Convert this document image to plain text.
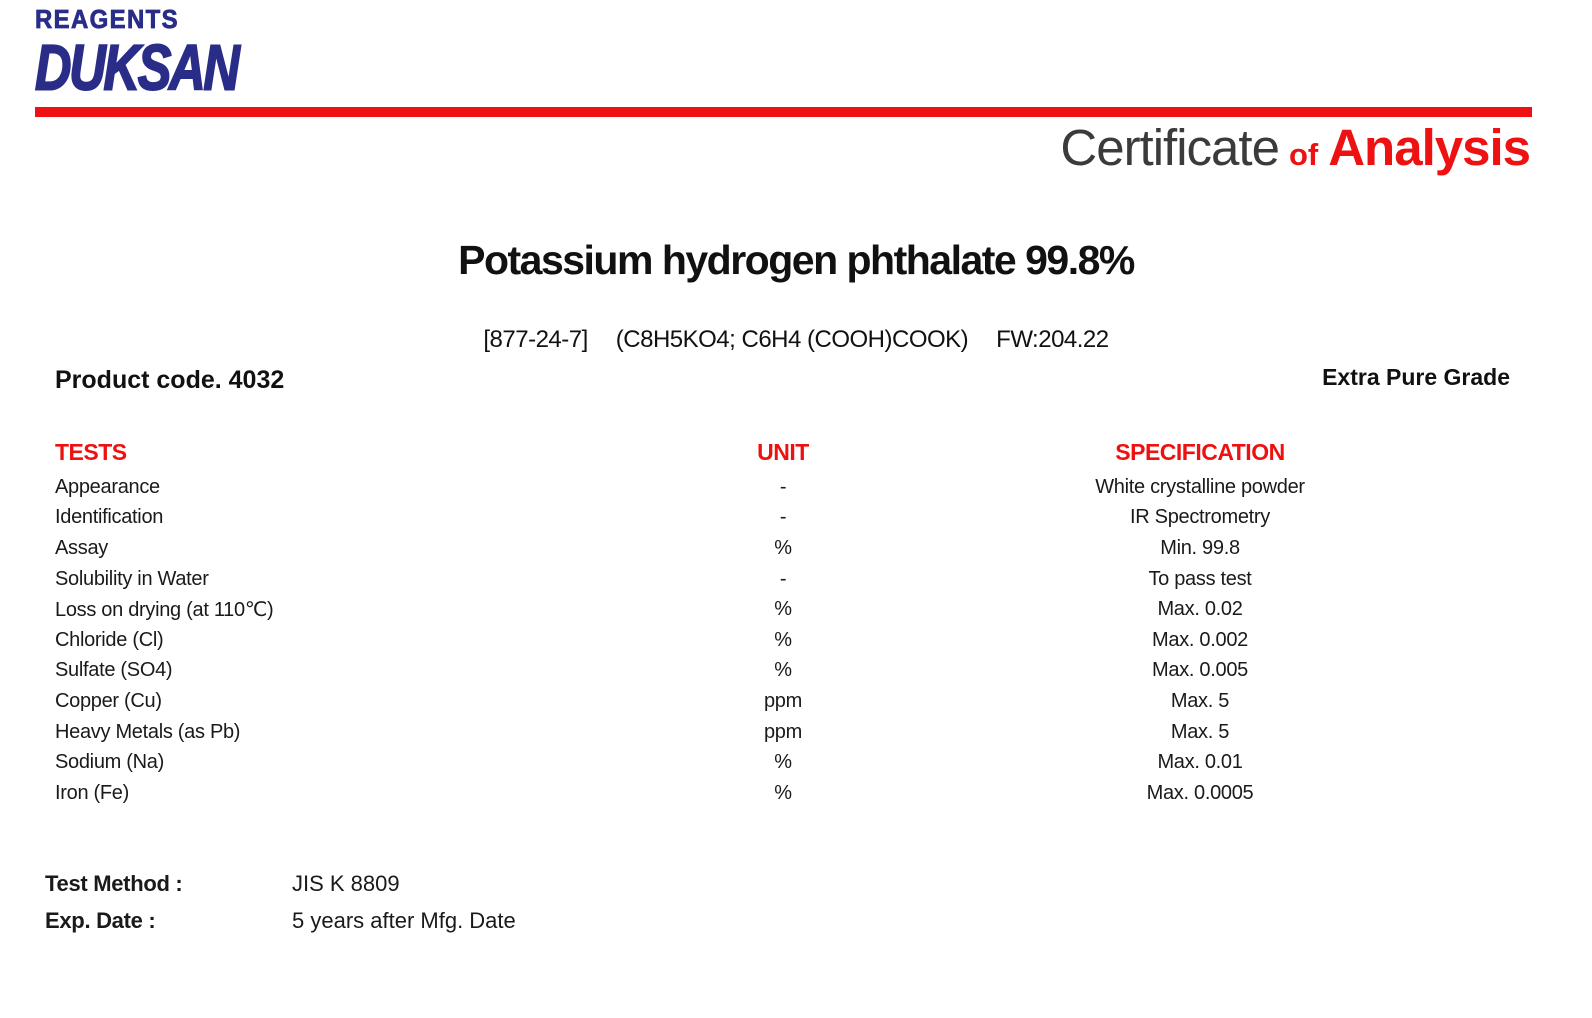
REAGENTS
DUKSAN
Certificate of Analysis
Potassium hydrogen phthalate 99.8%
[877-24-7] (C8H5KO4; C6H4 (COOH)COOK) FW:204.22
Product code. 4032	Extra Pure Grade
TESTS	UNIT	SPECIFICATION
Appearance	-	White crystalline powder
Identification	-	IR Spectrometry
Assay	%	Min. 99.8
Solubility in Water	-	To pass test
Loss on drying (at 110℃)	%	Max. 0.02
Chloride (Cl)	%	Max. 0.002
Sulfate (SO4)	%	Max. 0.005
Copper (Cu)	ppm	Max. 5
Heavy Metals (as Pb)	ppm	Max. 5
Sodium (Na)	%	Max. 0.01
Iron (Fe)	%	Max. 0.0005
Test Method :	JIS K 8809
Exp. Date :	5 years after Mfg. Date
